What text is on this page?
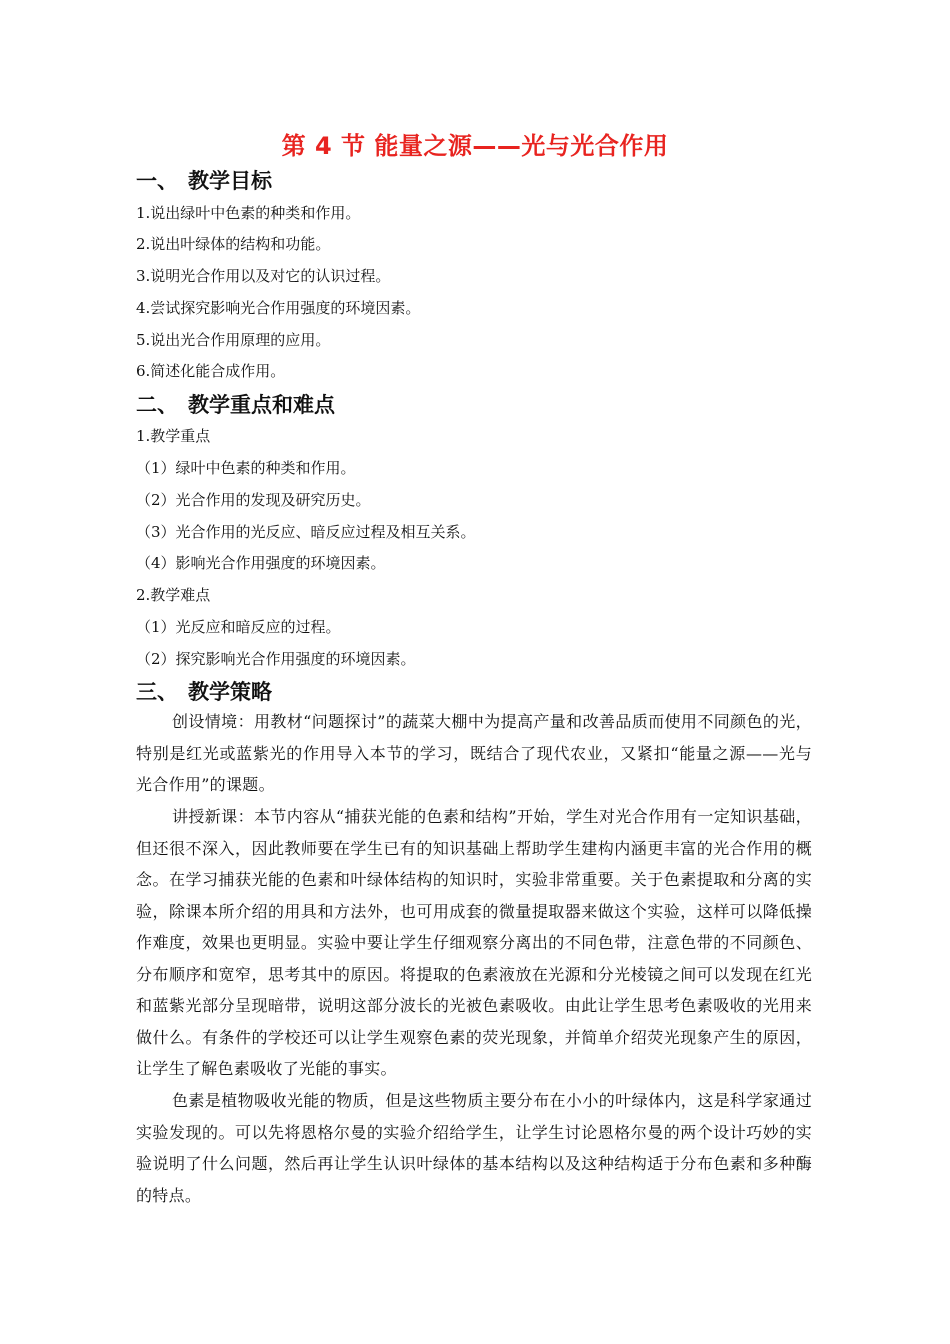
第 4 节 能量之源——光与光合作用
一、 教学目标
1.说出绿叶中色素的种类和作用。
2.说出叶绿体的结构和功能。
3.说明光合作用以及对它的认识过程。
4.尝试探究影响光合作用强度的环境因素。
5.说出光合作用原理的应用。
6.简述化能合成作用。
二、 教学重点和难点
1.教学重点
（1）绿叶中色素的种类和作用。
（2）光合作用的发现及研究历史。
（3）光合作用的光反应、暗反应过程及相互关系。
（4）影响光合作用强度的环境因素。
2.教学难点
（1）光反应和暗反应的过程。
（2）探究影响光合作用强度的环境因素。
三、 教学策略
创设情境：用教材“问题探讨”的蔬菜大棚中为提高产量和改善品质而使用不同颜色的光，特别是红光或蓝紫光的作用导入本节的学习，既结合了现代农业，又紧扣“能量之源——光与光合作用”的课题。
讲授新课：本节内容从“捕获光能的色素和结构”开始，学生对光合作用有一定知识基础，但还很不深入，因此教师要在学生已有的知识基础上帮助学生建构内涵更丰富的光合作用的概念。在学习捕获光能的色素和叶绿体结构的知识时，实验非常重要。关于色素提取和分离的实验，除课本所介绍的用具和方法外，也可用成套的微量提取器来做这个实验，这样可以降低操作难度，效果也更明显。实验中要让学生仔细观察分离出的不同色带，注意色带的不同颜色、分布顺序和宽窄，思考其中的原因。将提取的色素液放在光源和分光棱镜之间可以发现在红光和蓝紫光部分呈现暗带，说明这部分波长的光被色素吸收。由此让学生思考色素吸收的光用来做什么。有条件的学校还可以让学生观察色素的荧光现象，并简单介绍荧光现象产生的原因，让学生了解色素吸收了光能的事实。
色素是植物吸收光能的物质，但是这些物质主要分布在小小的叶绿体内，这是科学家通过实验发现的。可以先将恩格尔曼的实验介绍给学生，让学生讨论恩格尔曼的两个设计巧妙的实验说明了什么问题，然后再让学生认识叶绿体的基本结构以及这种结构适于分布色素和多种酶的特点。
